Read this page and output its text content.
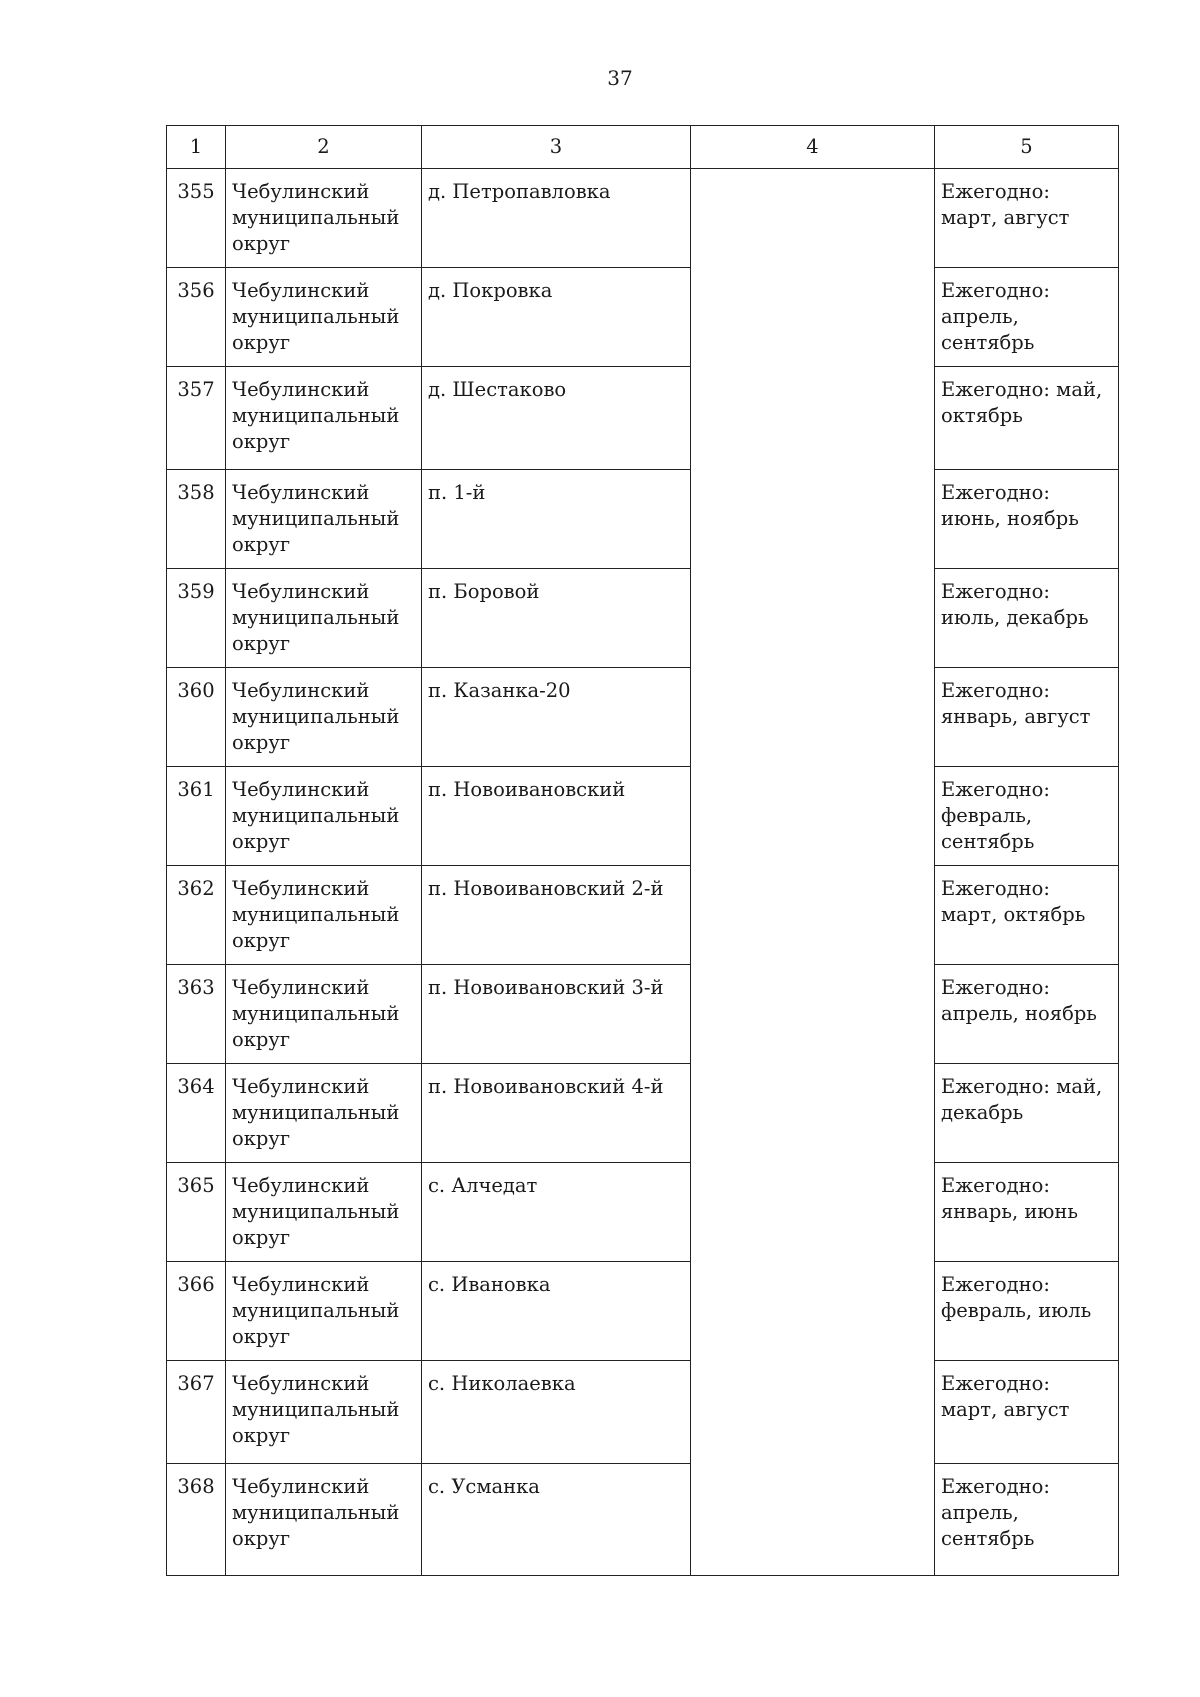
37
1	2	3	4	5
355	Чебулинский муниципальный округ	д. Петропавловка		Ежегодно: март, август
356	Чебулинский муниципальный округ	д. Покровка		Ежегодно: апрель, сентябрь
357	Чебулинский муниципальный округ	д. Шестаково		Ежегодно: май, октябрь
358	Чебулинский муниципальный округ	п. 1-й		Ежегодно: июнь, ноябрь
359	Чебулинский муниципальный округ	п. Боровой		Ежегодно: июль, декабрь
360	Чебулинский муниципальный округ	п. Казанка-20		Ежегодно: январь, август
361	Чебулинский муниципальный округ	п. Новоивановский		Ежегодно: февраль, сентябрь
362	Чебулинский муниципальный округ	п. Новоивановский 2-й		Ежегодно: март, октябрь
363	Чебулинский муниципальный округ	п. Новоивановский 3-й		Ежегодно: апрель, ноябрь
364	Чебулинский муниципальный округ	п. Новоивановский 4-й		Ежегодно: май, декабрь
365	Чебулинский муниципальный округ	с. Алчедат		Ежегодно: январь, июнь
366	Чебулинский муниципальный округ	с. Ивановка		Ежегодно: февраль, июль
367	Чебулинский муниципальный округ	с. Николаевка		Ежегодно: март, август
368	Чебулинский муниципальный округ	с. Усманка		Ежегодно: апрель, сентябрь
